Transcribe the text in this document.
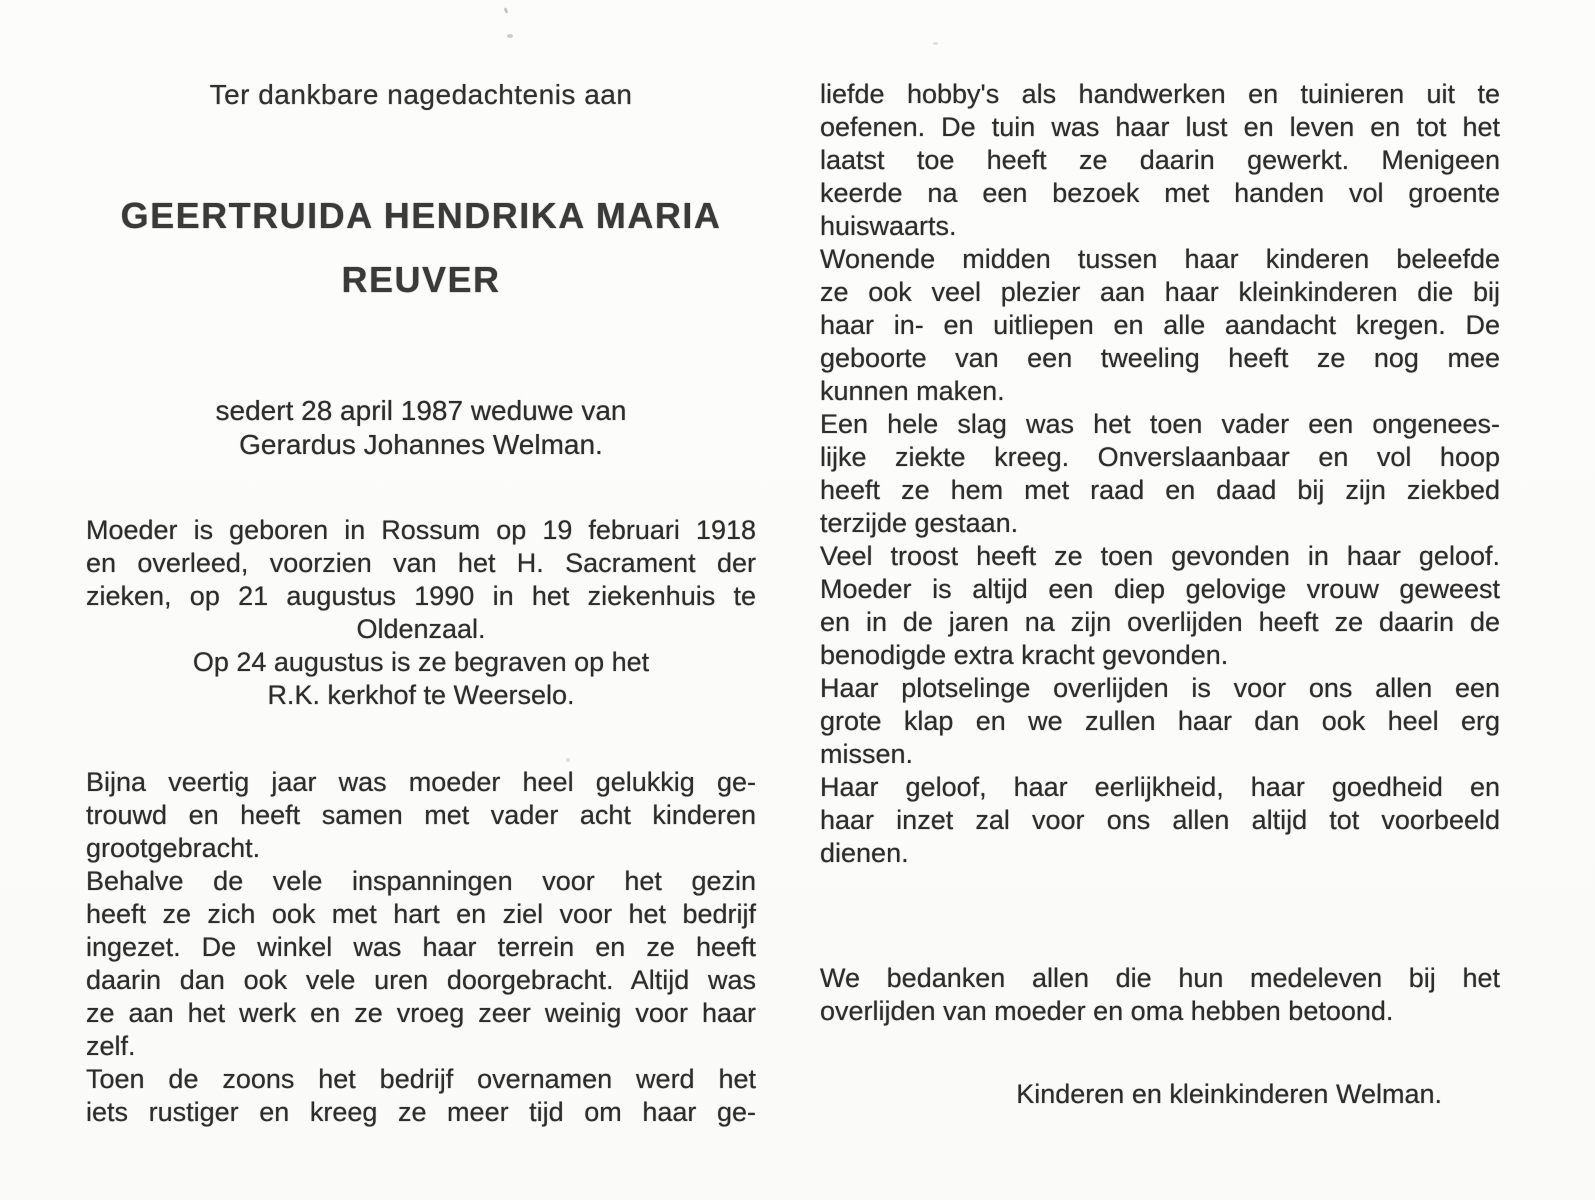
Ter dankbare nagedachtenis aan
GEERTRUIDA HENDRIKA MARIA
REUVER
sedert 28 april 1987 weduwe van
Gerardus Johannes Welman.
Moeder is geboren in Rossum op 19 februari 1918
en overleed, voorzien van het H. Sacrament der
zieken, op 21 augustus 1990 in het ziekenhuis te
Oldenzaal.
Op 24 augustus is ze begraven op het
R.K. kerkhof te Weerselo.
Bijna veertig jaar was moeder heel gelukkig ge-
trouwd en heeft samen met vader acht kinderen
grootgebracht.
Behalve de vele inspanningen voor het gezin
heeft ze zich ook met hart en ziel voor het bedrijf
ingezet. De winkel was haar terrein en ze heeft
daarin dan ook vele uren doorgebracht. Altijd was
ze aan het werk en ze vroeg zeer weinig voor haar
zelf.
Toen de zoons het bedrijf overnamen werd het
iets rustiger en kreeg ze meer tijd om haar ge-
liefde hobby's als handwerken en tuinieren uit te
oefenen. De tuin was haar lust en leven en tot het
laatst toe heeft ze daarin gewerkt. Menigeen
keerde na een bezoek met handen vol groente
huiswaarts.
Wonende midden tussen haar kinderen beleefde
ze ook veel plezier aan haar kleinkinderen die bij
haar in- en uitliepen en alle aandacht kregen. De
geboorte van een tweeling heeft ze nog mee
kunnen maken.
Een hele slag was het toen vader een ongenees-
lijke ziekte kreeg. Onverslaanbaar en vol hoop
heeft ze hem met raad en daad bij zijn ziekbed
terzijde gestaan.
Veel troost heeft ze toen gevonden in haar geloof.
Moeder is altijd een diep gelovige vrouw geweest
en in de jaren na zijn overlijden heeft ze daarin de
benodigde extra kracht gevonden.
Haar plotselinge overlijden is voor ons allen een
grote klap en we zullen haar dan ook heel erg
missen.
Haar geloof, haar eerlijkheid, haar goedheid en
haar inzet zal voor ons allen altijd tot voorbeeld
dienen.
We bedanken allen die hun medeleven bij het
overlijden van moeder en oma hebben betoond.
Kinderen en kleinkinderen Welman.
